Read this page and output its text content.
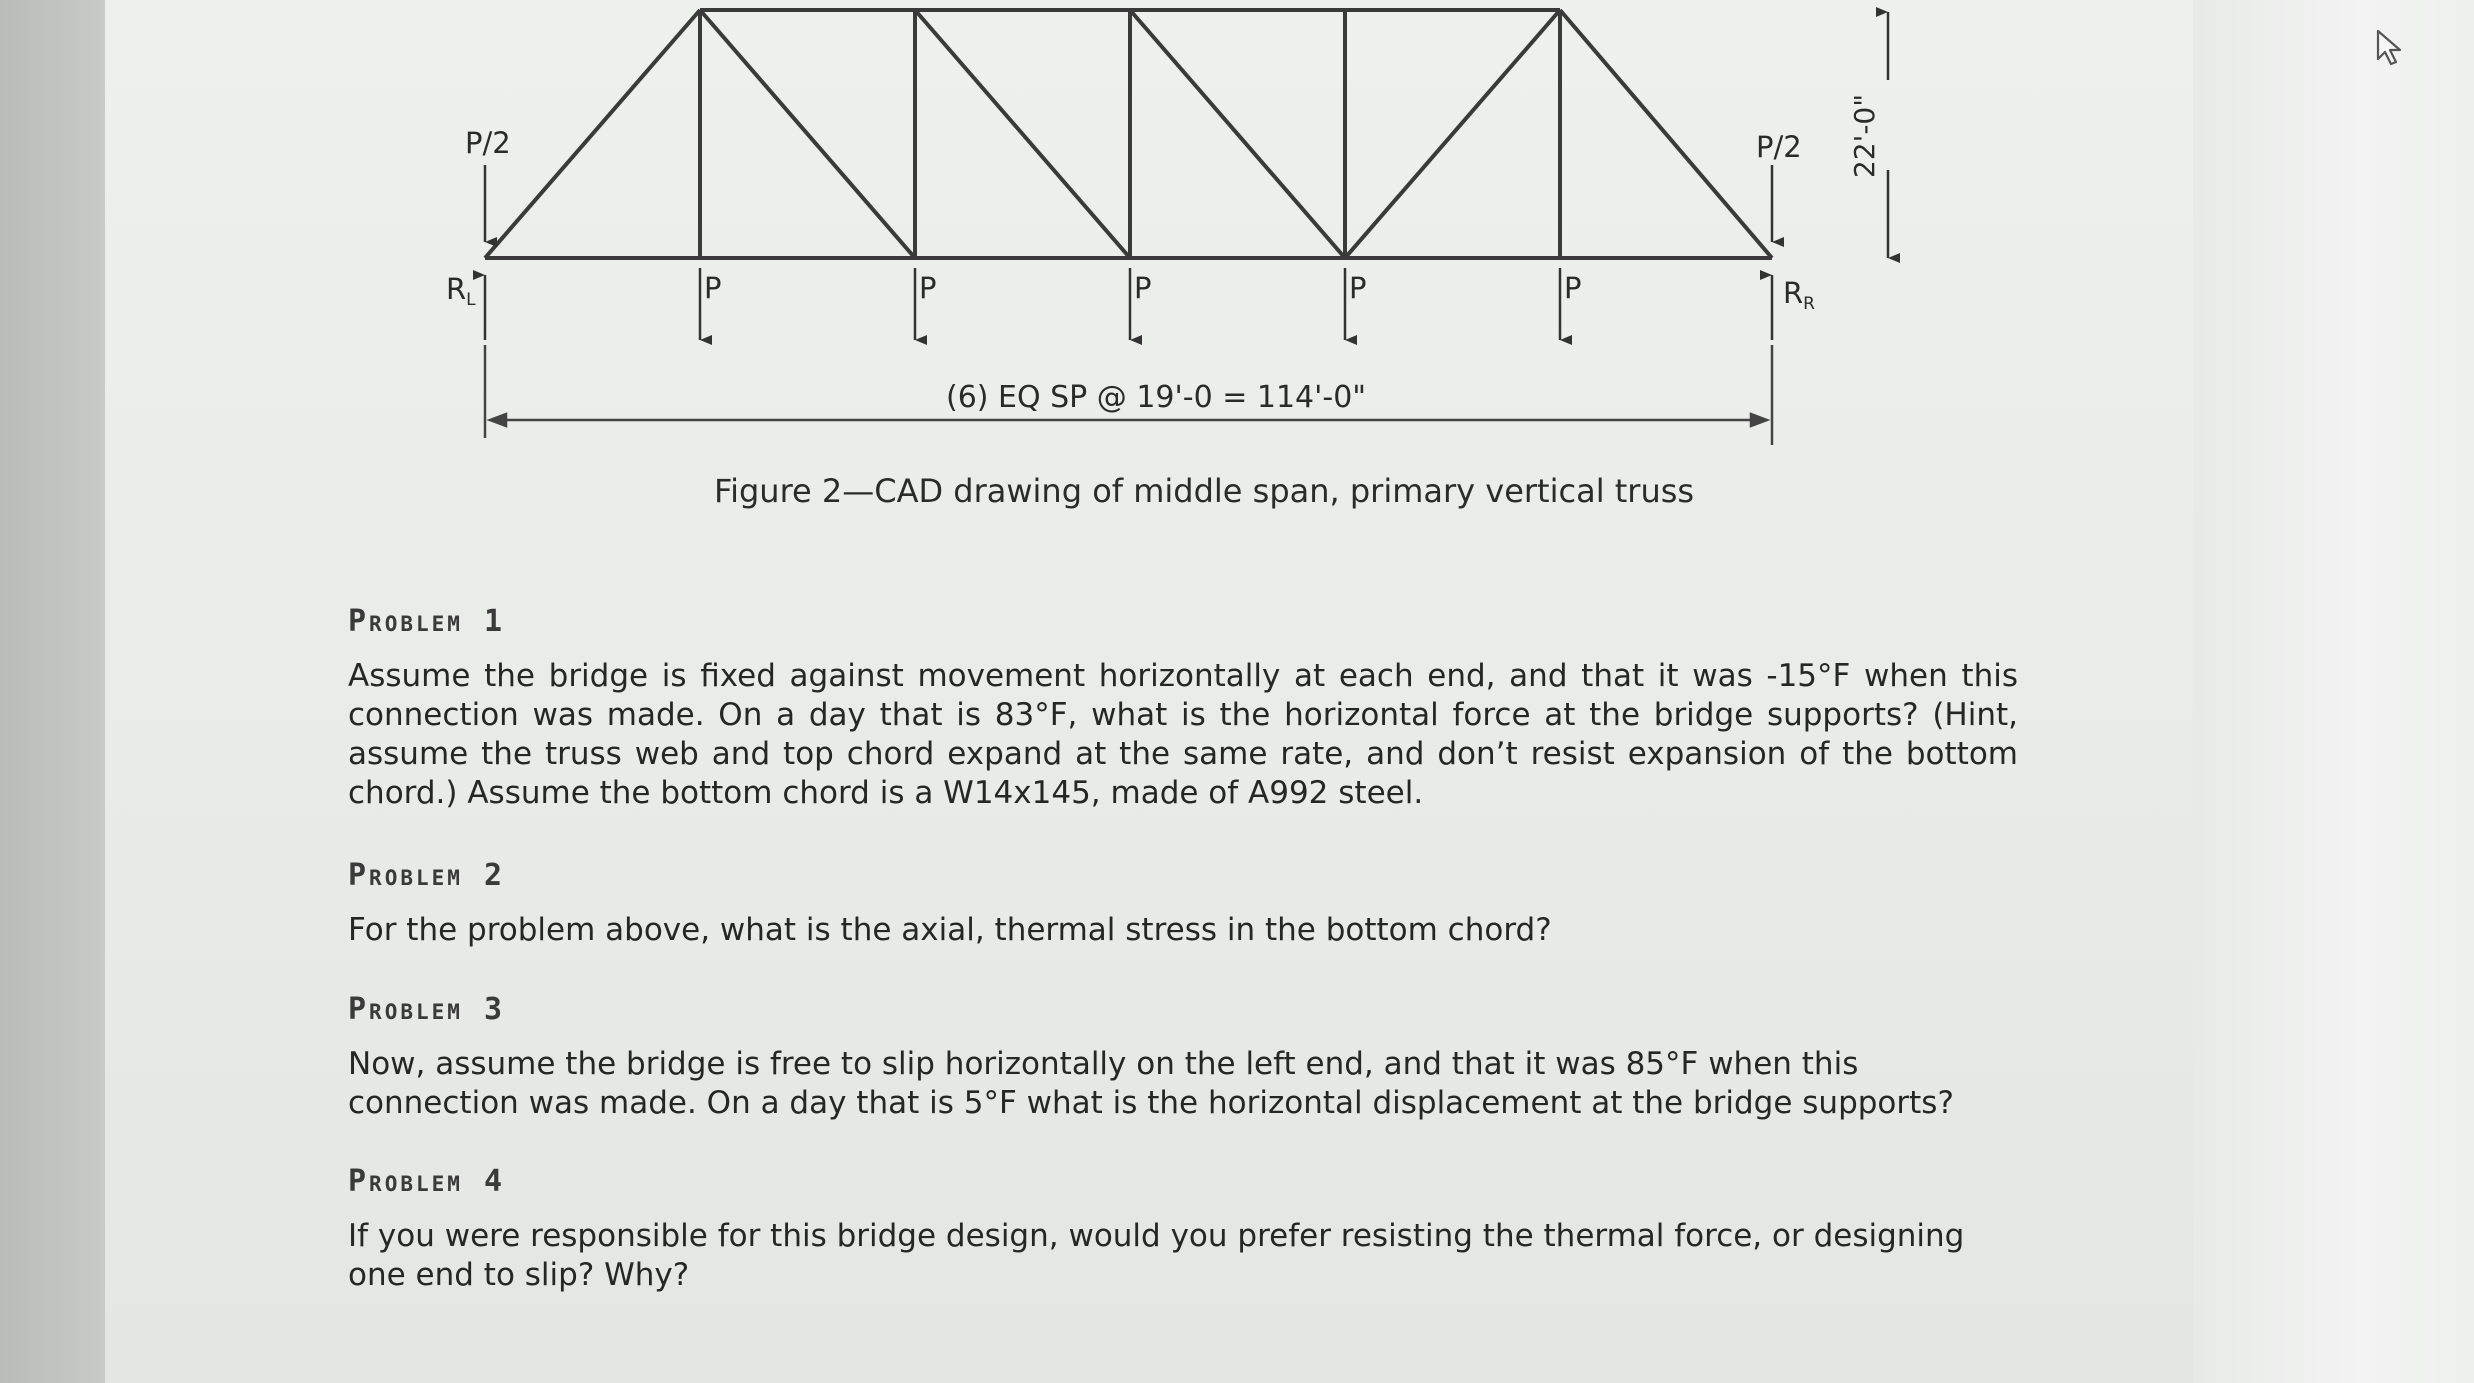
P/2	P/2
$R_L$	$R_R$
P	P	P	P	P
22'-0"
(6) EQ SP @ 19'-0 = 114'-0"
Figure 2—CAD drawing of middle span, primary vertical truss
Problem 1
Assume the bridge is fixed against movement horizontally at each end, and that it was -15°F when this connection was made. On a day that is 83°F, what is the horizontal force at the bridge supports? (Hint, assume the truss web and top chord expand at the same rate, and don’t resist expansion of the bottom chord.) Assume the bottom chord is a W14x145, made of A992 steel.
Problem 2
For the problem above, what is the axial, thermal stress in the bottom chord?
Problem 3
Now, assume the bridge is free to slip horizontally on the left end, and that it was 85°F when this connection was made. On a day that is 5°F what is the horizontal displacement at the bridge supports?
Problem 4
If you were responsible for this bridge design, would you prefer resisting the thermal force, or designing one end to slip? Why?
